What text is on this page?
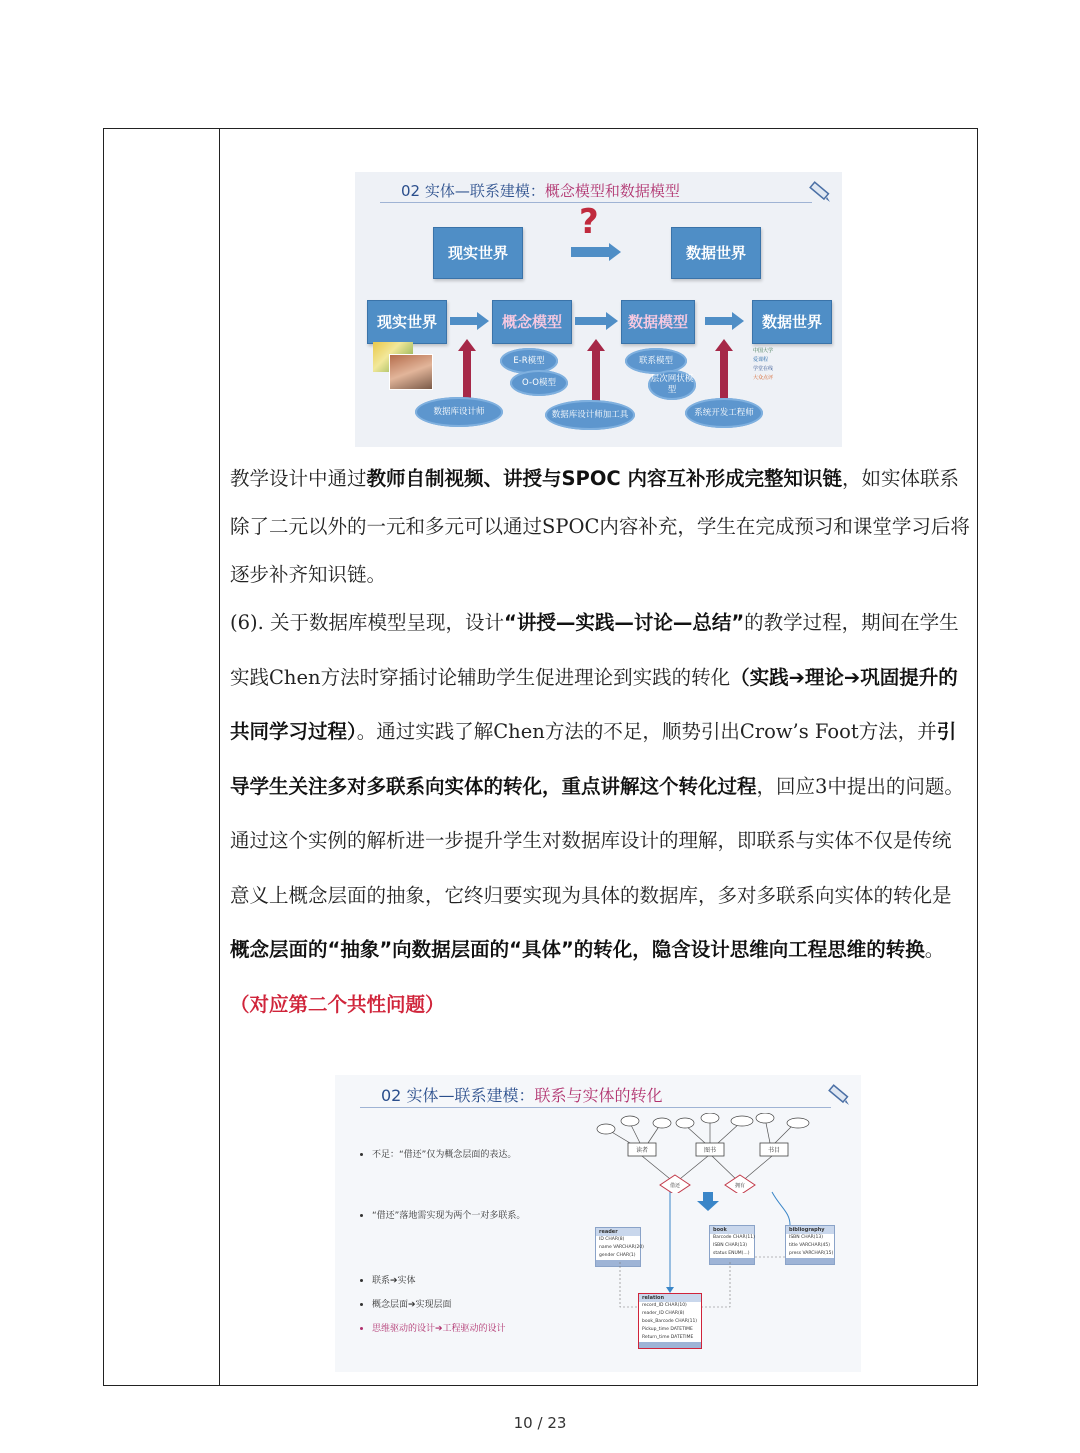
02 实体—联系建模：概念模型和数据模型
现实世界
?
数据世界
现实世界	概念模型	数据模型	数据世界
E-R模型
O-O模型
联系模型
层次网状模型
数据库设计师	数据库设计师加工具	系统开发工程师
中国大学
爱课程
学堂在线
大众点评
教学设计中通过教师自制视频、讲授与SPOC 内容互补形成完整知识链，如实体联系除了二元以外的一元和多元可以通过SPOC内容补充，学生在完成预习和课堂学习后将逐步补齐知识链。
(6). 关于数据库模型呈现，设计“讲授—实践—讨论—总结”的教学过程，期间在学生实践Chen方法时穿插讨论辅助学生促进理论到实践的转化（实践➔理论➔巩固提升的共同学习过程）。通过实践了解Chen方法的不足，顺势引出Crow’s Foot方法，并引导学生关注多对多联系向实体的转化，重点讲解这个转化过程，回应3中提出的问题。通过这个实例的解析进一步提升学生对数据库设计的理解，即联系与实体不仅是传统意义上概念层面的抽象，它终归要实现为具体的数据库，多对多联系向实体的转化是概念层面的“抽象”向数据层面的“具体”的转化，隐含设计思维向工程思维的转换。（对应第二个共性问题）
02 实体—联系建模：联系与实体的转化
不足：“借还”仅为概念层面的表达。
“借还”落地需实现为两个一对多联系。
联系➔实体
概念层面➔实现层面
思维驱动的设计➔工程驱动的设计
读者	图书	书目
借还	拥有
reader
ID CHAR(8)
name VARCHAR(20)
gender CHAR(1)
book
Barcode CHAR(11)
ISBN CHAR(13)
status ENUM(...)
bibliography
ISBN CHAR(13)
title VARCHAR(45)
press VARCHAR(15)
relation
record_ID CHAR(10)
reader_ID CHAR(8)
book_Barcode CHAR(11)
Pickup_time DATETIME
Return_time DATETIME
10 / 23
